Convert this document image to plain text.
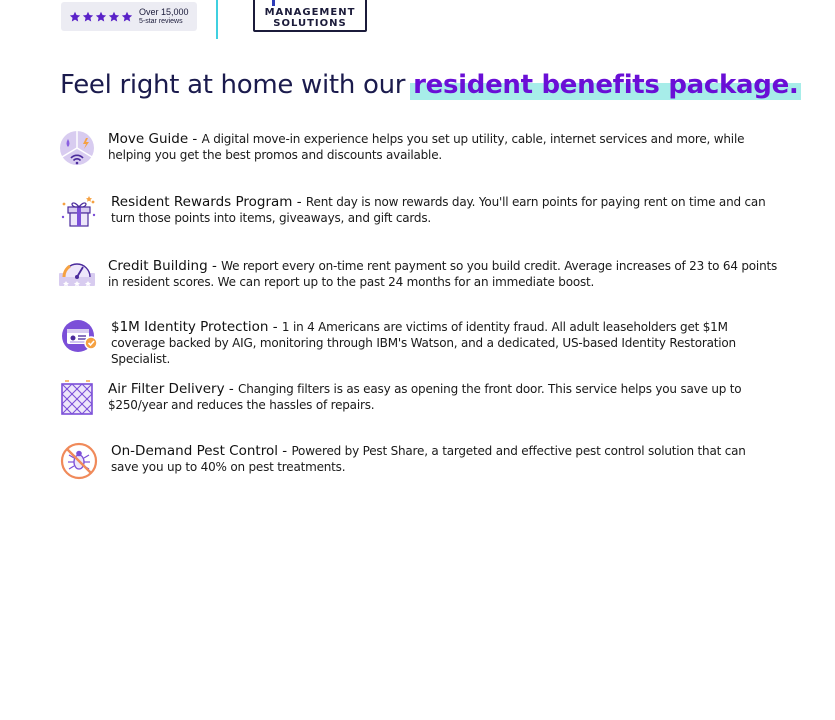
Over 15,000
5-star reviews
MANAGEMENT
SOLUTIONS
Feel right at home with our resident benefits package.
Move Guide - A digital move-in experience helps you set up utility, cable, internet services and more, while helping you get the best promos and discounts available.
Resident Rewards Program - Rent day is now rewards day. You'll earn points for paying rent on time and can turn those points into items, giveaways, and gift cards.
Credit Building - We report every on-time rent payment so you build credit. Average increases of 23 to 64 points in resident scores. We can report up to the past 24 months for an immediate boost.
$1M Identity Protection - 1 in 4 Americans are victims of identity fraud. All adult leaseholders get $1M coverage backed by AIG, monitoring through IBM's Watson, and a dedicated, US-based Identity Restoration Specialist.
Air Filter Delivery - Changing filters is as easy as opening the front door. This service helps you save up to $250/year and reduces the hassles of repairs.
On-Demand Pest Control - Powered by Pest Share, a targeted and effective pest control solution that can save you up to 40% on pest treatments.
